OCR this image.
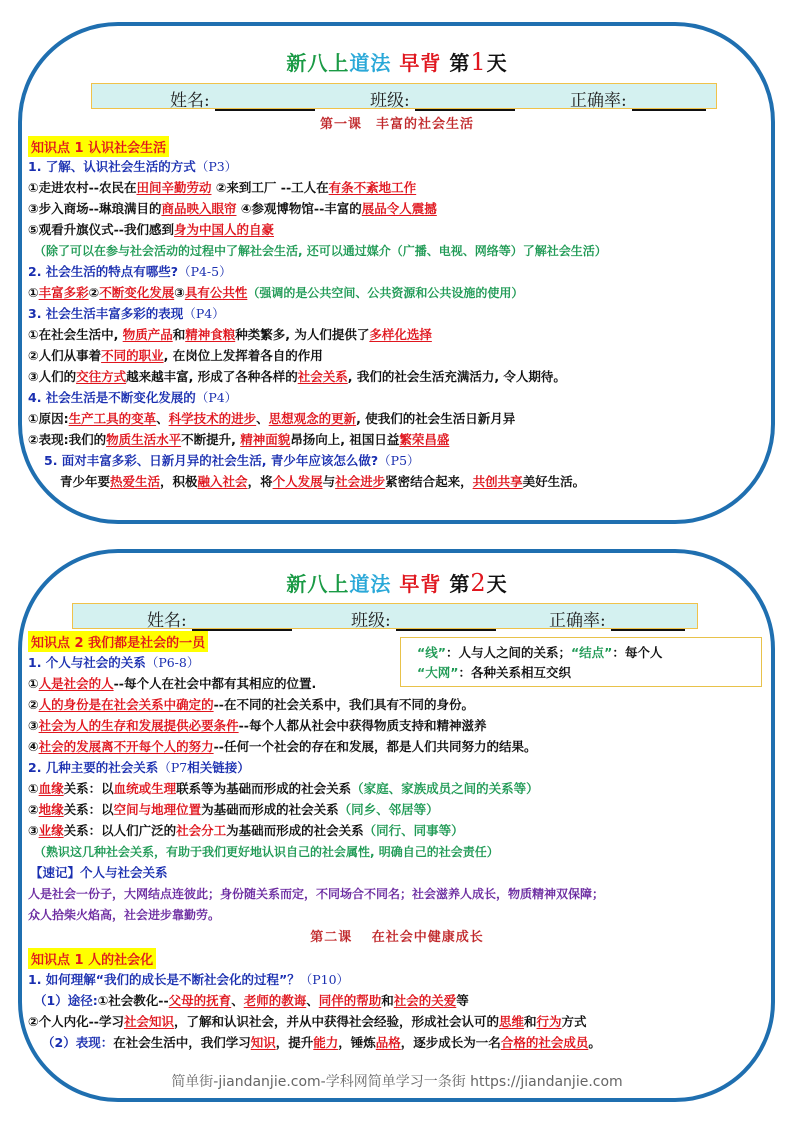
新八上道法 早背 第1天
姓名:	班级:	正确率:
第一课　丰富的社会生活
知识点 1 认识社会生活
1. 了解、认识社会生活的方式（P3）
①走进农村--农民在田间辛勤劳动 ②来到工厂 --工人在有条不紊地工作
③步入商场--琳琅满目的商品映入眼帘 ④参观博物馆--丰富的展品令人震撼
⑤观看升旗仪式--我们感到身为中国人的自豪
（除了可以在参与社会活动的过程中了解社会生活, 还可以通过媒介（广播、电视、网络等）了解社会生活）
2. 社会生活的特点有哪些?（P4-5）
①丰富多彩②不断变化发展③具有公共性（强调的是公共空间、公共资源和公共设施的使用）
3. 社会生活丰富多彩的表现（P4）
①在社会生活中, 物质产品和精神食粮种类繁多, 为人们提供了多样化选择
②人们从事着不同的职业, 在岗位上发挥着各自的作用
③人们的交往方式越来越丰富, 形成了各种各样的社会关系, 我们的社会生活充满活力, 令人期待。
4. 社会生活是不断变化发展的（P4）
①原因:生产工具的变革、科学技术的进步、思想观念的更新, 使我们的社会生活日新月异
②表现:我们的物质生活水平不断提升, 精神面貌昂扬向上, 祖国日益繁荣昌盛
5. 面对丰富多彩、日新月异的社会生活, 青少年应该怎么做?（P5）
青少年要热爱生活，积极融入社会，将个人发展与社会进步紧密结合起来，共创共享美好生活。
新八上道法 早背 第2天
姓名:	班级:	正确率:
知识点 2 我们都是社会的一员
“线”：人与人之间的关系；“结点”：每个人
“大网”：各种关系相互交织
1. 个人与社会的关系（P6-8）
①人是社会的人--每个人在社会中都有其相应的位置.
②人的身份是在社会关系中确定的--在不同的社会关系中，我们具有不同的身份。
③社会为人的生存和发展提供必要条件--每个人都从社会中获得物质支持和精神滋养
④社会的发展离不开每个人的努力--任何一个社会的存在和发展，都是人们共同努力的结果。
2. 几种主要的社会关系（P7相关链接）
①血缘关系：以血统或生理联系等为基础而形成的社会关系（家庭、家族成员之间的关系等）
②地缘关系：以空间与地理位置为基础而形成的社会关系（同乡、邻居等）
③业缘关系：以人们广泛的社会分工为基础而形成的社会关系（同行、同事等）
（熟识这几种社会关系，有助于我们更好地认识自己的社会属性, 明确自己的社会责任）
【速记】个人与社会关系
人是社会一份子，大网结点连彼此；身份随关系而定，不同场合不同名；社会滋养人成长，物质精神双保障；
众人拾柴火焰高，社会进步靠勤劳。
第二课　 在社会中健康成长
知识点 1 人的社会化
1. 如何理解“我们的成长是不断社会化的过程”？（P10）
（1）途径:①社会教化--父母的抚育、老师的教诲、同伴的帮助和社会的关爱等
②个人内化--学习社会知识，了解和认识社会，并从中获得社会经验，形成社会认可的思维和行为方式
（2）表现：在社会生活中，我们学习知识，提升能力，锤炼品格，逐步成长为一名合格的社会成员。
简单街-jiandanjie.com-学科网简单学习一条街 https://jiandanjie.com
